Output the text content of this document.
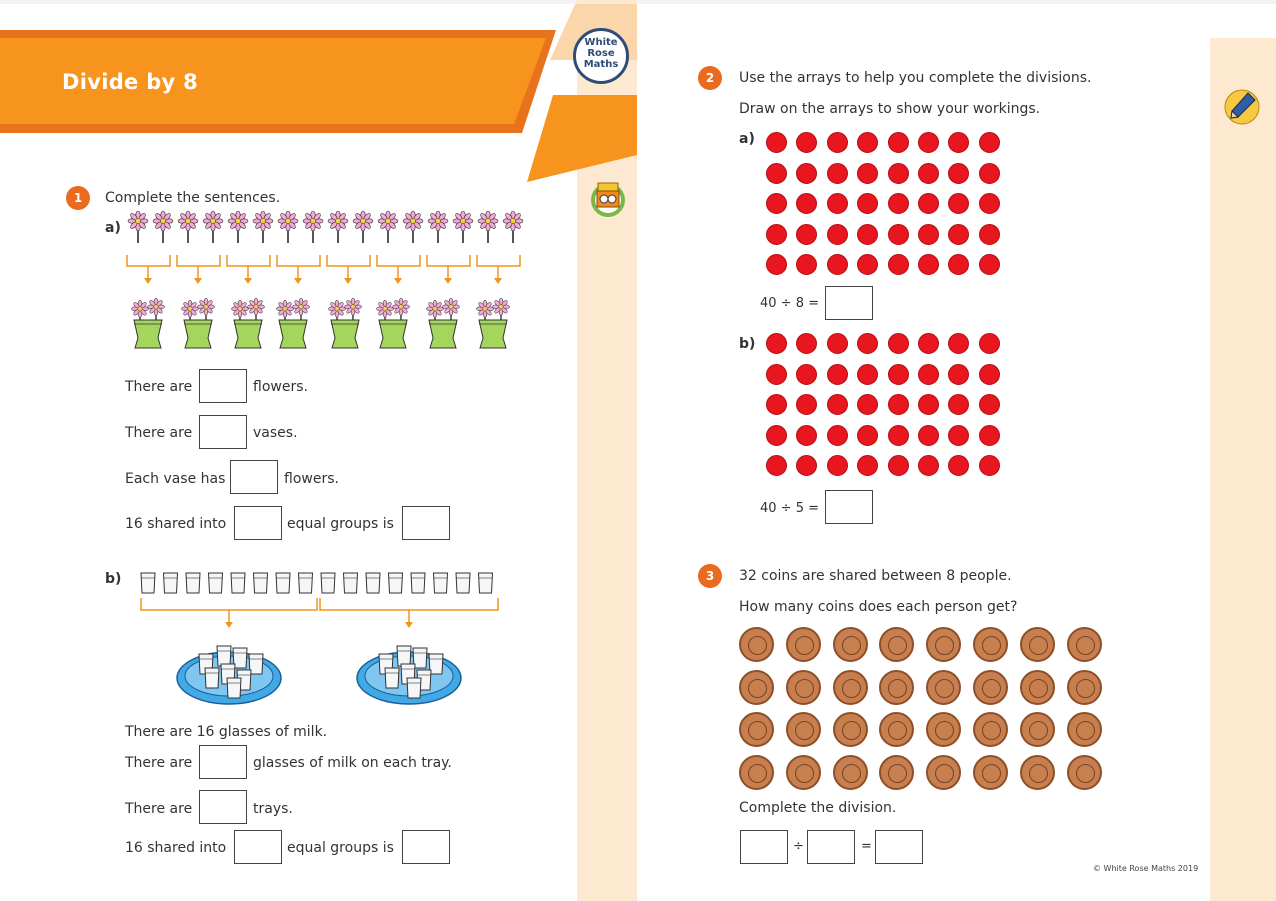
Divide by 8
White
Rose
Maths
1	Complete the sentences.
a)
There are	flowers.
There are	vases.
Each vase has	flowers.
16 shared into	equal groups is
b)
There are 16 glasses of milk.
There are	glasses of milk on each tray.
There are	trays.
16 shared into	equal groups is
2	Use the arrays to help you complete the divisions.
Draw on the arrays to show your workings.
a)
40 ÷ 8 =
b)
40 ÷ 5 =
3	32 coins are shared between 8 people.
How many coins does each person get?
Complete the division.
÷	=
© White Rose Maths 2019
